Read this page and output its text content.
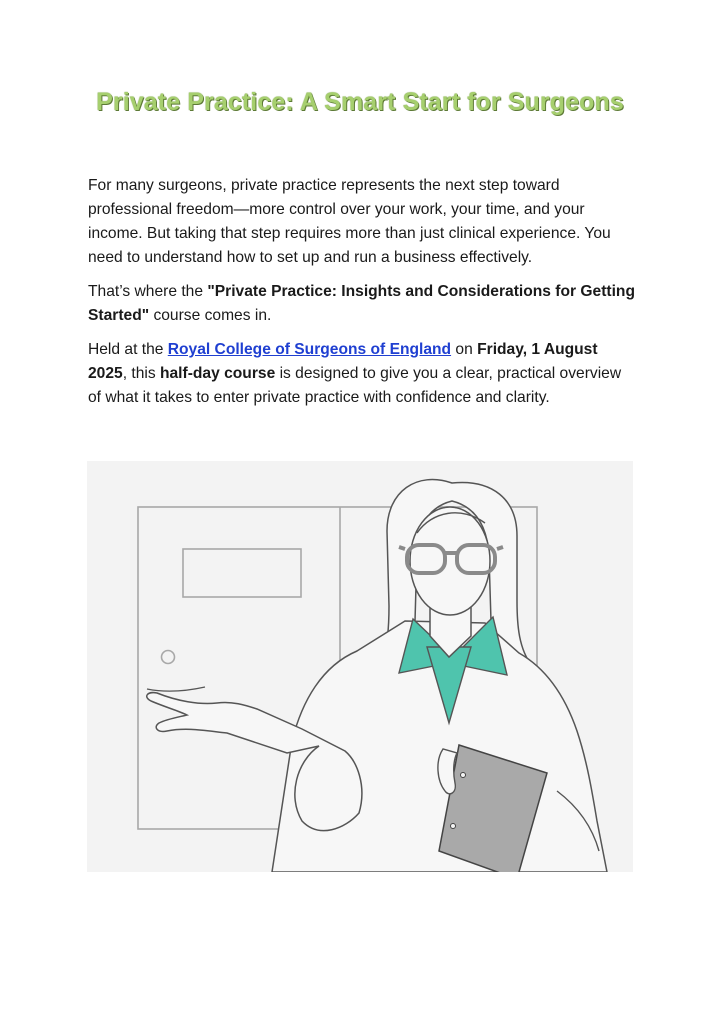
Private Practice: A Smart Start for Surgeons

For many surgeons, private practice represents the next step toward professional freedom—more control over your work, your time, and your income. But taking that step requires more than just clinical experience. You need to understand how to set up and run a business effectively.

That’s where the "Private Practice: Insights and Considerations for Getting Started" course comes in.

Held at the Royal College of Surgeons of England on Friday, 1 August 2025, this half-day course is designed to give you a clear, practical overview of what it takes to enter private practice with confidence and clarity.
